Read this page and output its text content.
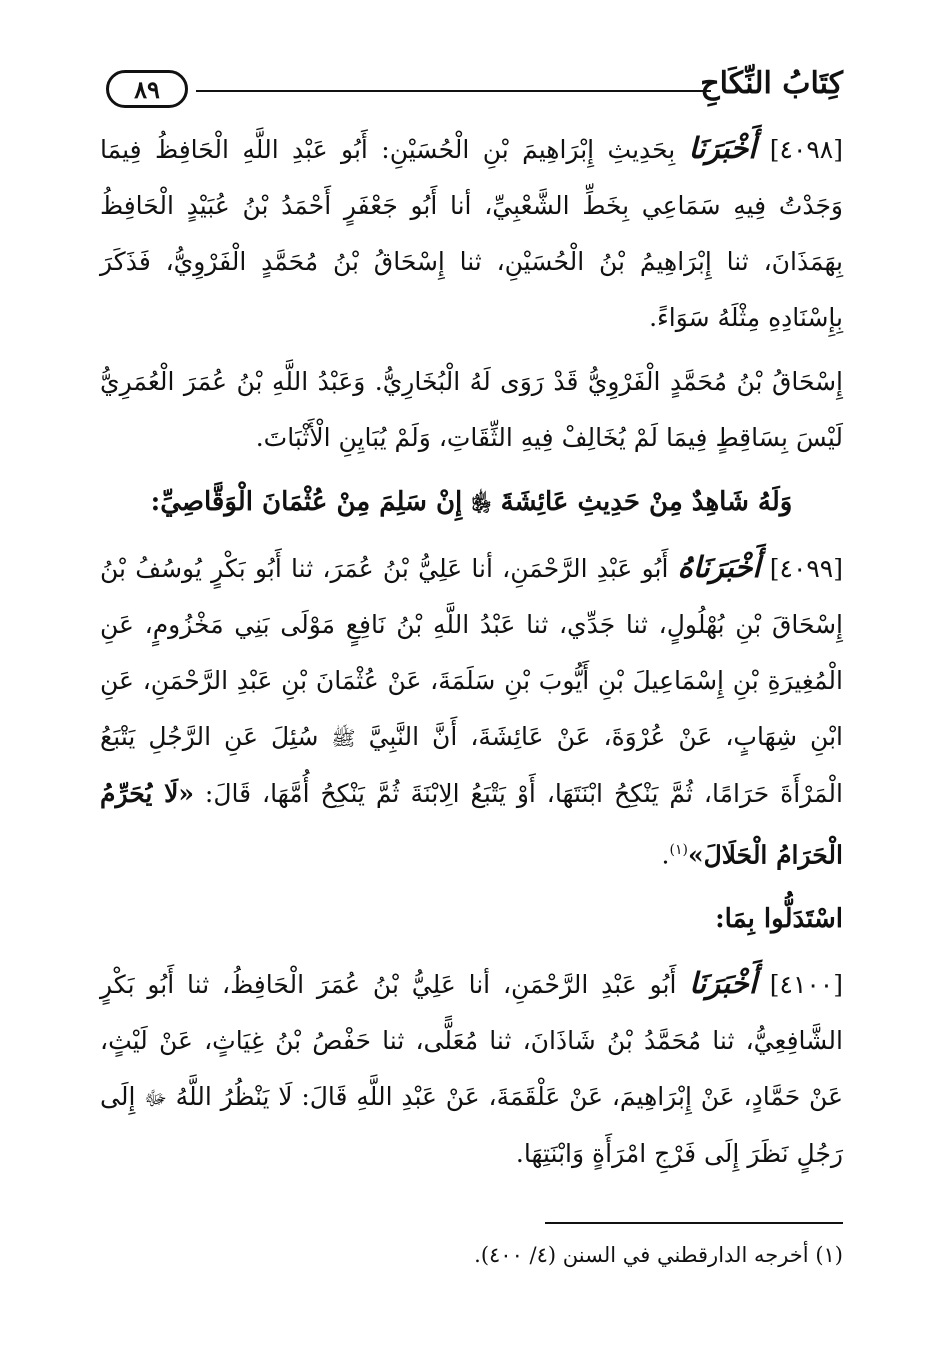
٨٩	كِتَابُ النِّكَاحِ

[٤٠٩٨] أَخْبَرَنَا بِحَدِيثِ إِبْرَاهِيمَ بْنِ الْحُسَيْنِ: أَبُو عَبْدِ اللَّهِ الْحَافِظُ فِيمَا وَجَدْتُ فِيهِ سَمَاعِي بِخَطِّ الشَّعْبِيِّ، أنا أَبُو جَعْفَرٍ أَحْمَدُ بْنُ عُبَيْدٍ الْحَافِظُ بِهَمَذَانَ، ثنا إِبْرَاهِيمُ بْنُ الْحُسَيْنِ، ثنا إِسْحَاقُ بْنُ مُحَمَّدٍ الْفَرْوِيُّ، فَذَكَرَ بِإِسْنَادِهِ مِثْلَهُ سَوَاءً.

إِسْحَاقُ بْنُ مُحَمَّدٍ الْفَرْوِيُّ قَدْ رَوَى لَهُ الْبُخَارِيُّ. وَعَبْدُ اللَّهِ بْنُ عُمَرَ الْعُمَرِيُّ لَيْسَ بِسَاقِطٍ فِيمَا لَمْ يُخَالِفْ فِيهِ الثِّقَاتِ، وَلَمْ يُبَايِنِ الْأَثْبَاتَ.

وَلَهُ شَاهِدٌ مِنْ حَدِيثِ عَائِشَةَ ﵂ إِنْ سَلِمَ مِنْ عُثْمَانَ الْوَقَّاصِيِّ:

[٤٠٩٩] أَخْبَرَنَاهُ أَبُو عَبْدِ الرَّحْمَنِ، أنا عَلِيُّ بْنُ عُمَرَ، ثنا أَبُو بَكْرٍ يُوسُفُ بْنُ إِسْحَاقَ بْنِ بُهْلُولٍ، ثنا جَدِّي، ثنا عَبْدُ اللَّهِ بْنُ نَافِعٍ مَوْلَى بَنِي مَخْزُومٍ، عَنِ الْمُغِيرَةِ بْنِ إِسْمَاعِيلَ بْنِ أَيُّوبَ بْنِ سَلَمَةَ، عَنْ عُثْمَانَ بْنِ عَبْدِ الرَّحْمَنِ، عَنِ ابْنِ شِهَابٍ، عَنْ عُرْوَةَ، عَنْ عَائِشَةَ، أَنَّ النَّبِيَّ ﷺ سُئِلَ عَنِ الرَّجُلِ يَتْبَعُ الْمَرْأَةَ حَرَامًا، ثُمَّ يَنْكِحُ ابْنَتَهَا، أَوْ يَتْبَعُ الِابْنَةَ ثُمَّ يَنْكِحُ أُمَّهَا، قَالَ: «لَا يُحَرِّمُ الْحَرَامُ الْحَلَالَ»$^{(١)}$.

اسْتَدَلُّوا بِمَا:

[٤١٠٠] أَخْبَرَنَا أَبُو عَبْدِ الرَّحْمَنِ، أنا عَلِيُّ بْنُ عُمَرَ الْحَافِظُ، ثنا أَبُو بَكْرٍ الشَّافِعِيُّ، ثنا مُحَمَّدُ بْنُ شَاذَانَ، ثنا مُعَلًّى، ثنا حَفْصُ بْنُ غِيَاثٍ، عَنْ لَيْثٍ، عَنْ حَمَّادٍ، عَنْ إِبْرَاهِيمَ، عَنْ عَلْقَمَةَ، عَنْ عَبْدِ اللَّهِ قَالَ: لَا يَنْظُرُ اللَّهُ ﷻ إِلَى رَجُلٍ نَظَرَ إِلَى فَرْجِ امْرَأَةٍ وَابْنَتِهَا.

(١) أخرجه الدارقطني في السنن (٤/ ٤٠٠).
